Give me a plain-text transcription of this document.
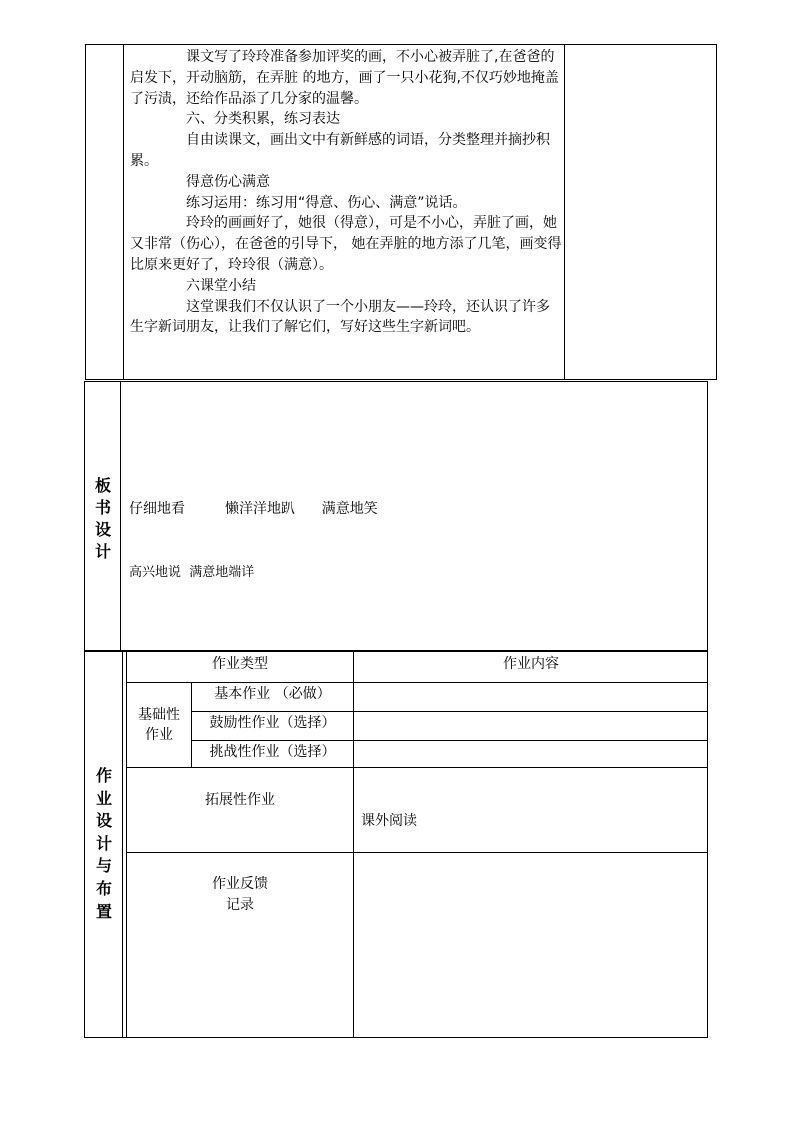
课文写了玲玲准备参加评奖的画，不小心被弄脏了,在爸爸的启发下，开动脑筋，在弄脏 的地方，画了一只小花狗,不仅巧妙地掩盖了污渍，还给作品添了几分家的温馨。

六、分类积累，练习表达

自由读课文，画出文中有新鲜感的词语，分类整理并摘抄积累。

得意伤心满意

练习运用：练习用“得意、伤心、满意”说话。

玲玲的画画好了，她很（得意），可是不小心，弄脏了画，她又非常（伤心），在爸爸的引导下， 她在弄脏的地方添了几笔，画变得比原来更好了，玲玲很（满意）。

六课堂小结

这堂课我们不仅认识了一个小朋友——玲玲，还认识了许多生字新词朋友，让我们了解它们，写好这些生字新词吧。

板
书
设
计

仔细地看         懒洋洋地趴      满意地笑

高兴地说  满意地端详

作
业
设
计
与
布
置
作业类型	作业内容
基础性
作业
基本作业 （必做）
鼓励性作业（选择）
挑战性作业（选择）
拓展性作业
课外阅读
作业反馈
记录
